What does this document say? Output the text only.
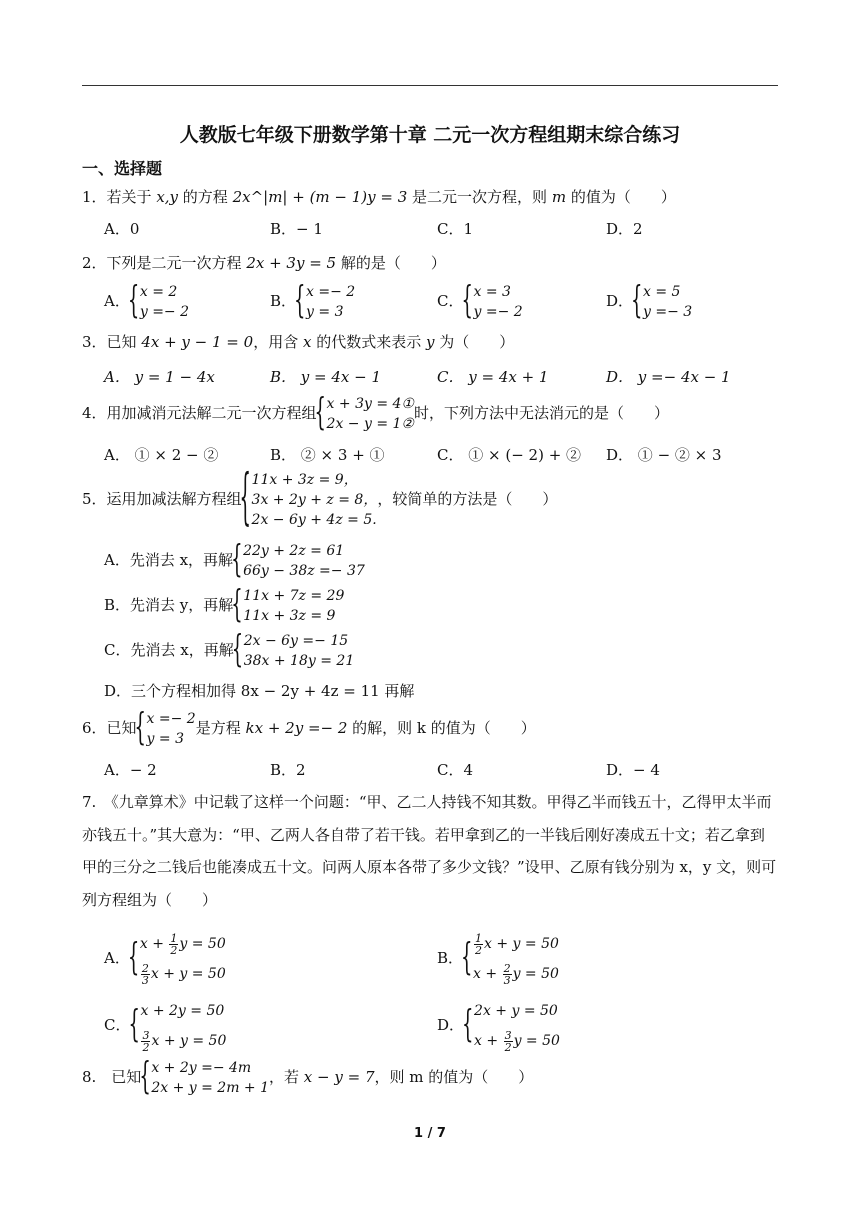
人教版七年级下册数学第十章 二元一次方程组期末综合练习
一、选择题
1．若关于 x,y 的方程 2x^|m| + (m − 1)y = 3 是二元一次方程，则 m 的值为（　　）
A．0	B．− 1	C．1	D．2
2．下列是二元一次方程 2x + 3y = 5 解的是（　　）
A． { x = 2
y =− 2
B． { x =− 2
y = 3
C． { x = 3
y =− 2
D． { x = 5
y =− 3
3．已知 4x + y − 1 = 0，用含 x 的代数式来表示 y 为（　　）
A． y = 1 − 4x	B． y = 4x − 1	C． y = 4x + 1	D． y =− 4x − 1
4．用加减消元法解二元一次方程组 { x + 3y = 4①
2x − y = 1②
时，下列方法中无法消元的是（　　）
A． ① × 2 − ②	B． ② × 3 + ①	C． ① × (− 2) + ② D． ① − ② × 3
5．运用加减法解方程组
{ 11x + 3z = 9，
3x + 2y + z = 8，
2x − 6y + 4z = 5.
，较简单的方法是（　　）
A．先消去 x，再解 { 22y + 2z = 61
66y − 38z =− 37
B．先消去 y，再解 { 11x + 7z = 29
11x + 3z = 9
C．先消去 x，再解 { 2x − 6y =− 15
38x + 18y = 21
D．三个方程相加得 8x − 2y + 4z = 11 再解
6．已知 { x =− 2
y = 3
是方程 kx + 2y =− 2 的解，则 k 的值为（　　）
A．− 2	B．2	C．4	D．− 4
7.　《九章算术》中记载了这样一个问题：“甲、乙二人持钱不知其数。甲得乙半而钱五十，乙得甲太半而亦钱五十。”其大意为：“甲、乙两人各自带了若干钱。若甲拿到乙的一半钱后刚好凑成五十文；若乙拿到甲的三分之二钱后也能凑成五十文。问两人原本各带了多少文钱？”设甲、乙原有钱分别为 x，y 文，则可列方程组为（　　）
A．
{ $x + \frac{1}{2}$ y = 50
$\frac{2}{3}$ x + y = 50
B．
{ $\frac{1}{2}$ x + y = 50
$x + \frac{2}{3}$ y = 50
C．
{ x + 2y = 50
$\frac{3}{2}$ x + y = 50
D．
{ 2x + y = 50
$x + \frac{3}{2}$ y = 50
8.　已知 { x + 2y =− 4m
2x + y = 2m + 1
，若 x − y = 7，则 m 的值为（　　）
1 / 7
